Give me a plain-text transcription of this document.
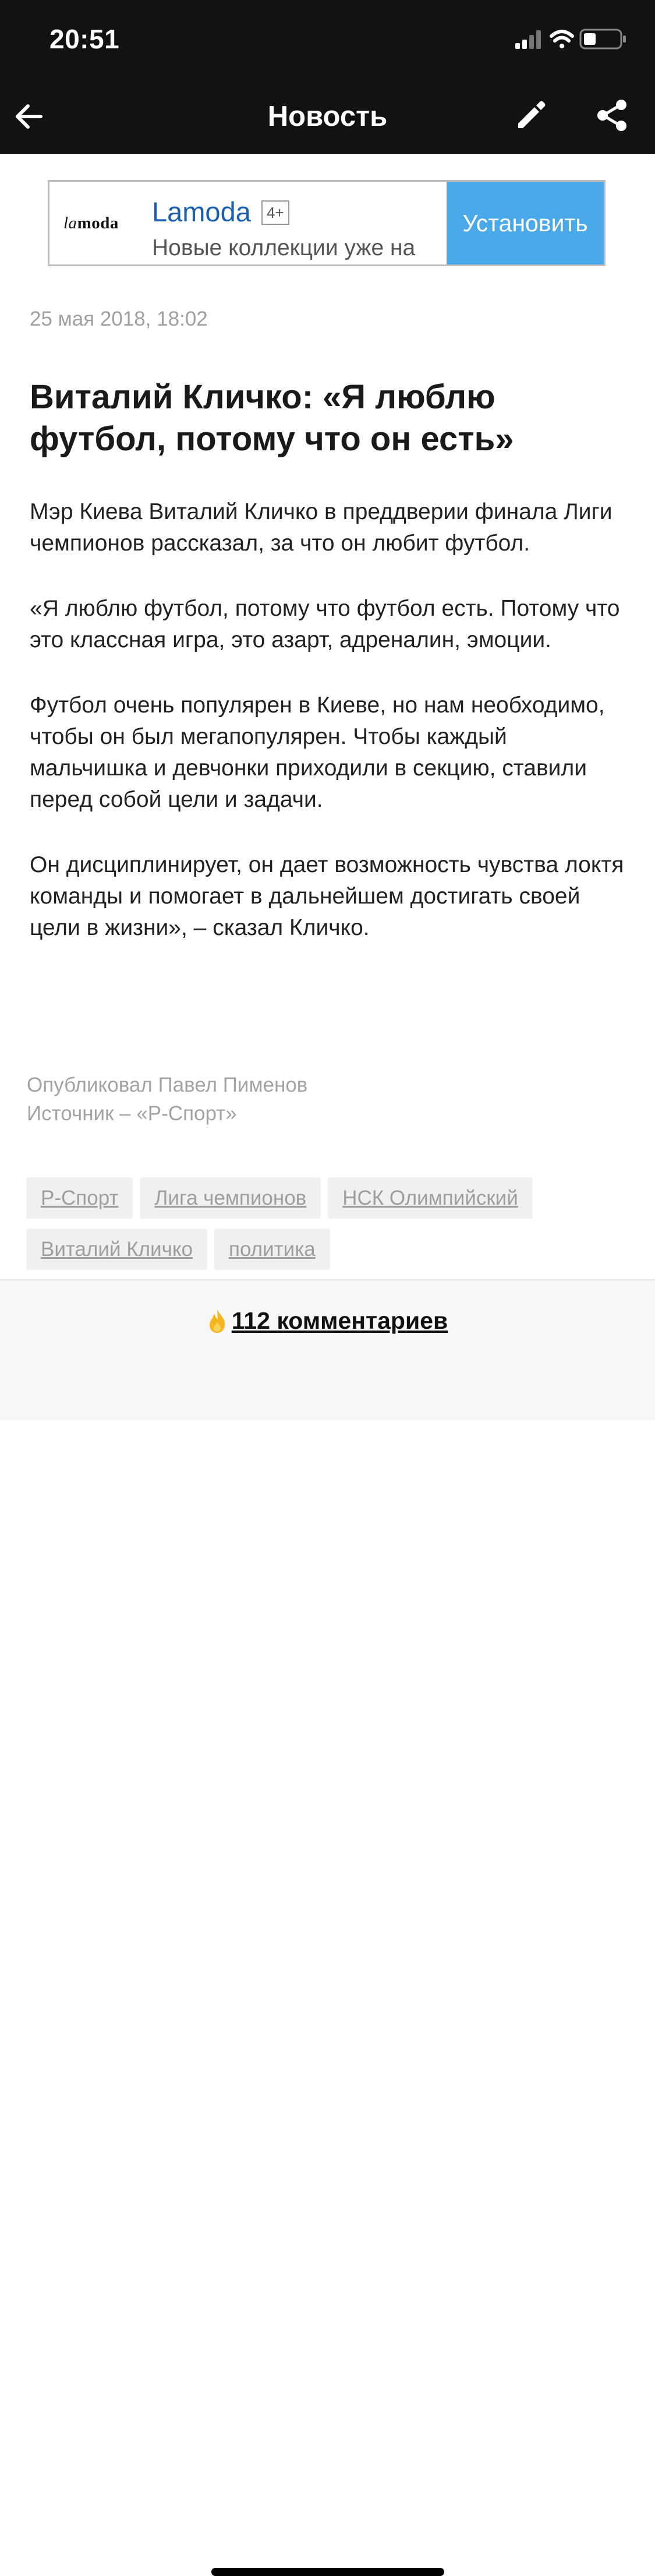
20:51
Новость
lamoda Lamoda	4+
Новые коллекции уже на
Установить
25 мая 2018, 18:02
Виталий Кличко: «Я люблю футбол, потому что он есть»

Мэр Киева Виталий Кличко в преддверии финала Лиги чемпионов рассказал, за что он любит футбол.

«Я люблю футбол, потому что футбол есть. Потому что это классная игра, это азарт, адреналин, эмоции.

Футбол очень популярен в Киеве, но нам необходимо, чтобы он был мегапопулярен. Чтобы каждый мальчишка и девчонки приходили в секцию, ставили перед собой цели и задачи.

Он дисциплинирует, он дает возможность чувства локтя команды и помогает в дальнейшем достигать своей цели в жизни», – сказал Кличко.

Опубликовал Павел Пименов
Источник – «Р-Спорт»
Р-Спорт Лига чемпионов НСК ОлимпийскийВиталий Кличко политика
112 комментариев
